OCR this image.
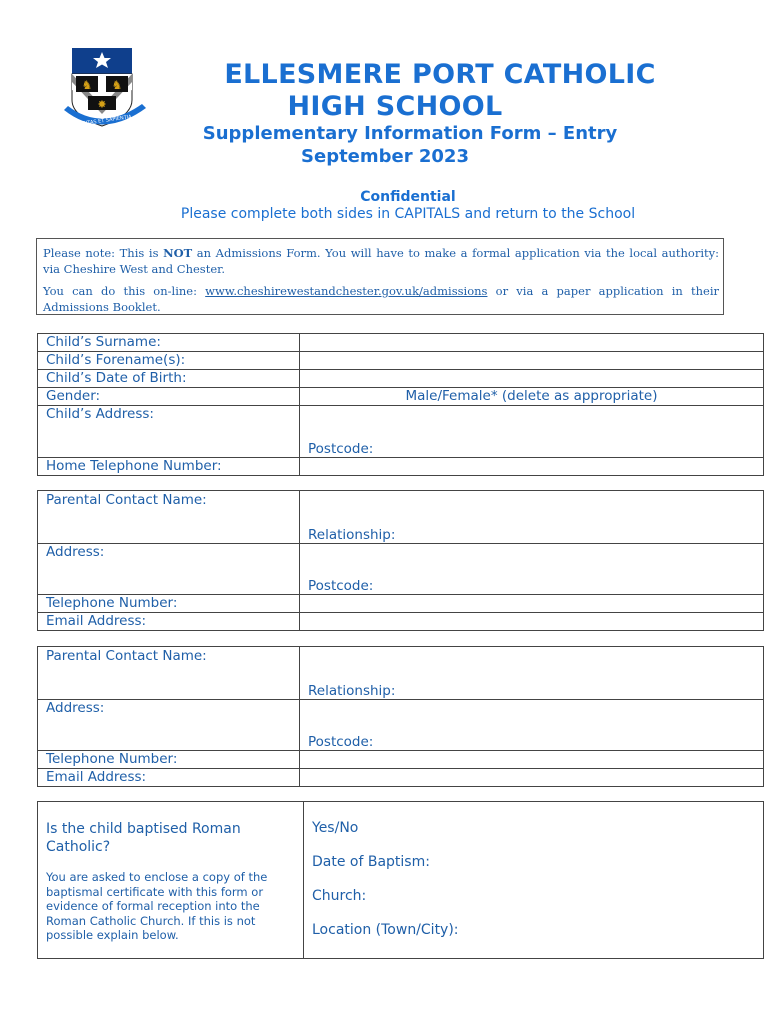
♞ ♞
✸
VERITAS ET SAPIENTIA
ELLESMERE PORT CATHOLIC
HIGH SCHOOL
Supplementary Information Form – Entry
September 2023
Confidential
Please complete both sides in CAPITALS and return to the School

Please note: This is NOT an Admissions Form. You will have to make a formal application via the local authority: via Cheshire West and Chester.

You can do this on-line: www.cheshirewestandchester.gov.uk/admissions or via a paper application in their Admissions Booklet.

Child’s Surname:	
Child’s Forename(s):	
Child’s Date of Birth:	
Gender:	Male/Female* (delete as appropriate)
Child’s Address:	Postcode:
Home Telephone Number:	
Parental Contact Name:	Relationship:
Address:	Postcode:
Telephone Number:	
Email Address:	
Parental Contact Name:	Relationship:
Address:	Postcode:
Telephone Number:	
Email Address:	
Is the child baptised Roman Catholic?
You are asked to enclose a copy of the baptismal certificate with this form or evidence of formal reception into the Roman Catholic Church. If this is not possible explain below.
Yes/No
Date of Baptism:
Church:
Location (Town/City):
